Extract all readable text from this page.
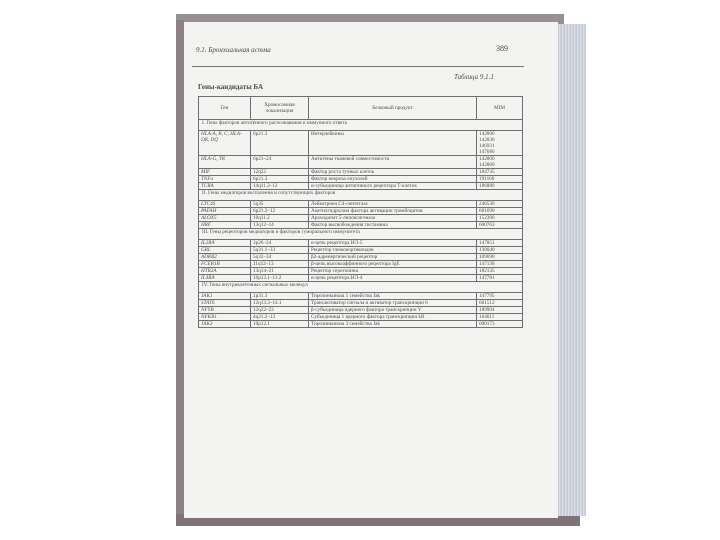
9.1. Бронхиальная астма	389
Таблица 9.1.1
Гены-кандидаты БА
Ген	Хромосомная локализация	Белковый продукт	MIM
I. Гены факторов антигенного распознавания и иммунного ответа			
HLA-A, B, C, HLA-DR, DQ	6p21.3	Интерлейкины	142800
142830
146931
147680
HLA-G, TR	6p21–24	Антигены тканевой совместимости	142800
142860
MIF	12q22	Фактор роста тучных клеток	184745
TNFa	6p21.3	Фактор некроза опухолей	191160
TCRA	14q11.2–12	α-субъединица антигенного рецептора Т-клеток	186880
II. Гены медиаторов воспаления и сопутствующих факторов			
LTC4S	5q35	Лейкотриен С4-синтетаза	246530
PAFAH	6p21.2–12	Ацетилгидролаза фактора активации тромбоцитов	601690
ALOX5	10q11.2	Арахидонат 5-липоксигеназа	152390
HRF	13q12–14	Фактор высвобождения гистамина	600763
III. Гены рецепторов медиаторов и факторов гуморального иммунитета			
IL2RA	3p26–24	α-цепь рецептора ИЛ-5	147851
GRL	5q31.1–33	Рецептор глюкокортикоидов	138040
ADRB2	5q32–34	β2-адренергический рецептор	109690
FCER1B	11q12–13	β-цепь высокоаффинного рецептора IgE	147138
HTR2A	13q14–21	Рецептор серотонина	182135
IL4RA	16p12.1–11.2	α-цепь рецептора ИЛ-4	147781
IV. Гены внутриклеточных сигнальных молекул			
JAK1	1p31.3	Тирозинкиназа 1 семейства Jak	147795
STAT6	12q13.3–14.1	Трансактиватор сигнала и активатор транскрипции 6	601512
NFYB	12q22–23	β-субъединица ядерного фактора транскрипции Y	189904
NFKB1	4q21.2–13	Субъединица 1 ядерного фактора транскрипции kB	164011
JAK3	19p12.1	Тирозинкиназа 3 семейства Jak	600173
